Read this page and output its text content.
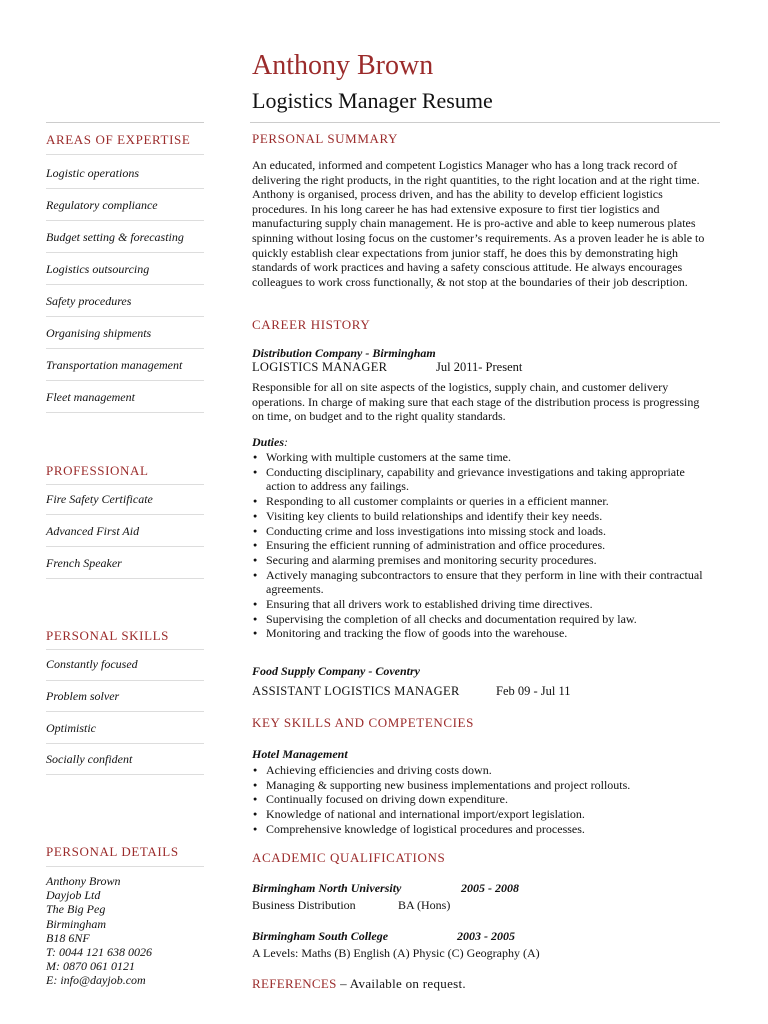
Anthony Brown
Logistics Manager Resume
AREAS OF EXPERTISE
Logistic operations
Regulatory compliance
Budget setting & forecasting
Logistics outsourcing
Safety procedures
Organising shipments
Transportation management
Fleet management
PROFESSIONAL
Fire Safety Certificate
Advanced First Aid
French Speaker
PERSONAL SKILLS
Constantly focused
Problem solver
Optimistic
Socially confident
PERSONAL DETAILS
Anthony Brown
Dayjob Ltd
The Big Peg
Birmingham
B18 6NF
T: 0044 121 638 0026
M: 0870 061 0121
E: info@dayjob.com
PERSONAL SUMMARY
An educated, informed and competent Logistics Manager who has a long track record of delivering the right products, in the right quantities, to the right location and at the right time. Anthony is organised, process driven, and has the ability to develop efficient logistics procedures. In his long career he has had extensive exposure to first tier logistics and manufacturing supply chain management. He is pro-active and able to keep numerous plates spinning without losing focus on the customer’s requirements. As a proven leader he is able to quickly establish clear expectations from junior staff, he does this by demonstrating high standards of work practices and having a safety conscious attitude. He always encourages colleagues to work cross functionally, & not stop at the boundaries of their job description.
CAREER HISTORY
Distribution Company - Birmingham
LOGISTICS MANAGER	Jul 2011- Present
Responsible for all on site aspects of the logistics, supply chain, and customer delivery operations. In charge of making sure that each stage of the distribution process is progressing on time, on budget and to the right quality standards.
Duties:
● Working with multiple customers at the same time.
● Conducting disciplinary, capability and grievance investigations and taking appropriate action to address any failings.
● Responding to all customer complaints or queries in a efficient manner.
● Visiting key clients to build relationships and identify their key needs.
● Conducting crime and loss investigations into missing stock and loads.
● Ensuring the efficient running of administration and office procedures.
● Securing and alarming premises and monitoring security procedures.
● Actively managing subcontractors to ensure that they perform in line with their contractual agreements.
● Ensuring that all drivers work to established driving time directives.
● Supervising the completion of all checks and documentation required by law.
● Monitoring and tracking the flow of goods into the warehouse.
Food Supply Company - Coventry
ASSISTANT LOGISTICS MANAGER	Feb 09 - Jul 11
KEY SKILLS AND COMPETENCIES
Hotel Management
● Achieving efficiencies and driving costs down.
● Managing & supporting new business implementations and project rollouts.
● Continually focused on driving down expenditure.
● Knowledge of national and international import/export legislation.
● Comprehensive knowledge of logistical procedures and processes.
ACADEMIC QUALIFICATIONS
Birmingham North University	2005 - 2008
Business Distribution	BA (Hons)
Birmingham South College	2003 - 2005
A Levels: Maths (B) English (A) Physic (C) Geography (A)
REFERENCES – Available on request.
